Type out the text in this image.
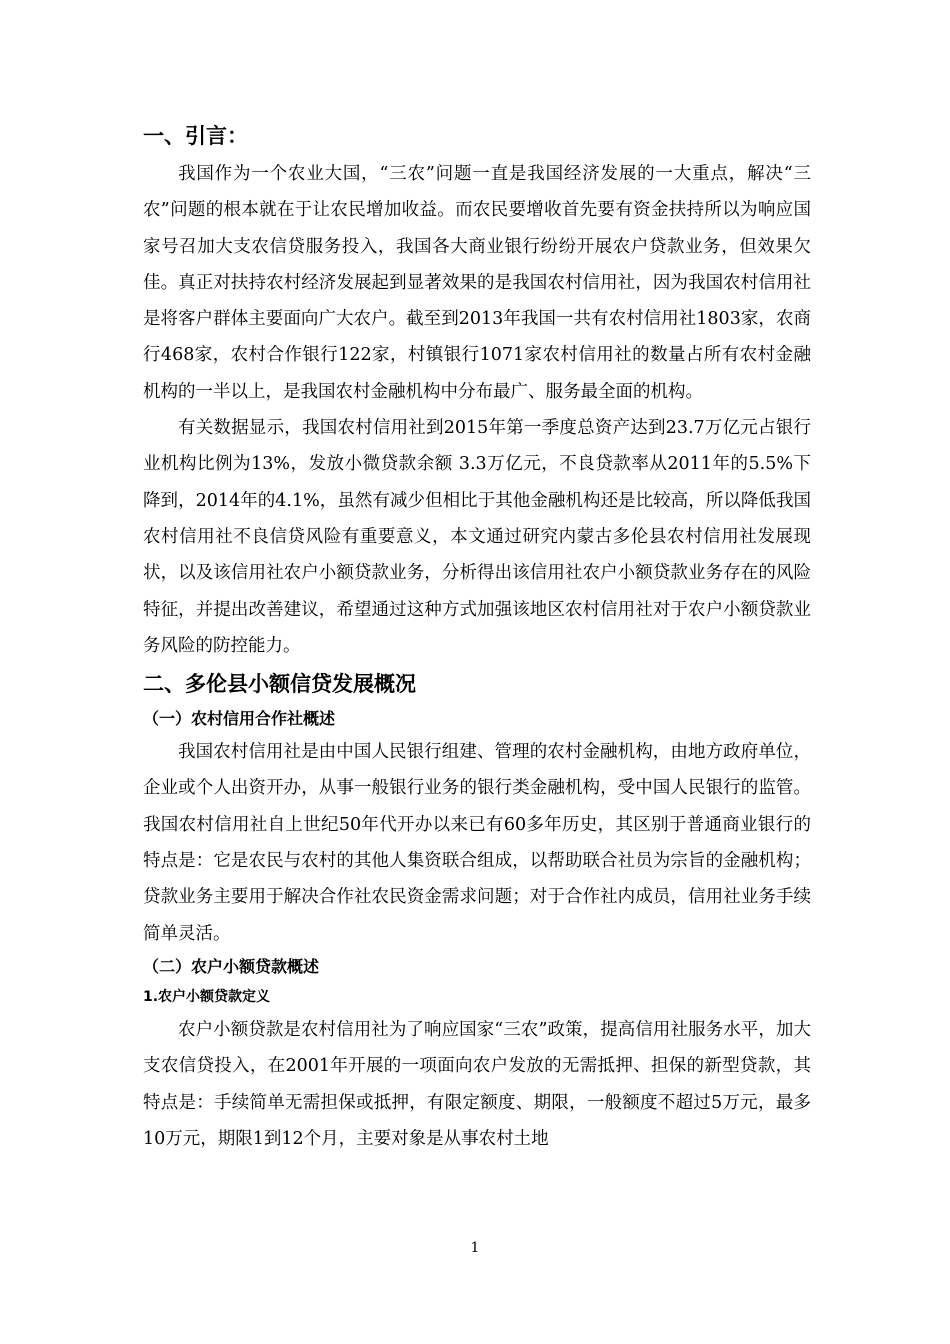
一、引言：

我国作为一个农业大国，“三农”问题一直是我国经济发展的一大重点，解决“三农”问题的根本就在于让农民增加收益。而农民要增收首先要有资金扶持所以为响应国家号召加大支农信贷服务投入，我国各大商业银行纷纷开展农户贷款业务，但效果欠佳。真正对扶持农村经济发展起到显著效果的是我国农村信用社，因为我国农村信用社是将客户群体主要面向广大农户。截至到2013年我国一共有农村信用社1803家，农商行468家，农村合作银行122家，村镇银行1071家农村信用社的数量占所有农村金融机构的一半以上，是我国农村金融机构中分布最广、服务最全面的机构。

有关数据显示，我国农村信用社到2015年第一季度总资产达到23.7万亿元占银行业机构比例为13%，发放小微贷款余额 3.3万亿元，不良贷款率从2011年的5.5%下降到，2014年的4.1%，虽然有减少但相比于其他金融机构还是比较高，所以降低我国农村信用社不良信贷风险有重要意义，本文通过研究内蒙古多伦县农村信用社发展现状，以及该信用社农户小额贷款业务，分析得出该信用社农户小额贷款业务存在的风险特征，并提出改善建议，希望通过这种方式加强该地区农村信用社对于农户小额贷款业务风险的防控能力。

二、多伦县小额信贷发展概况
（一）农村信用合作社概述

我国农村信用社是由中国人民银行组建、管理的农村金融机构，由地方政府单位，企业或个人出资开办，从事一般银行业务的银行类金融机构，受中国人民银行的监管。我国农村信用社自上世纪50年代开办以来已有60多年历史，其区别于普通商业银行的特点是：它是农民与农村的其他人集资联合组成，以帮助联合社员为宗旨的金融机构；贷款业务主要用于解决合作社农民资金需求问题；对于合作社内成员，信用社业务手续简单灵活。

（二）农户小额贷款概述
1.农户小额贷款定义

农户小额贷款是农村信用社为了响应国家“三农”政策，提高信用社服务水平，加大支农信贷投入，在2001年开展的一项面向农户发放的无需抵押、担保的新型贷款，其特点是：手续简单无需担保或抵押，有限定额度、期限，一般额度不超过5万元，最多10万元，期限1到12个月，主要对象是从事农村土地

1
